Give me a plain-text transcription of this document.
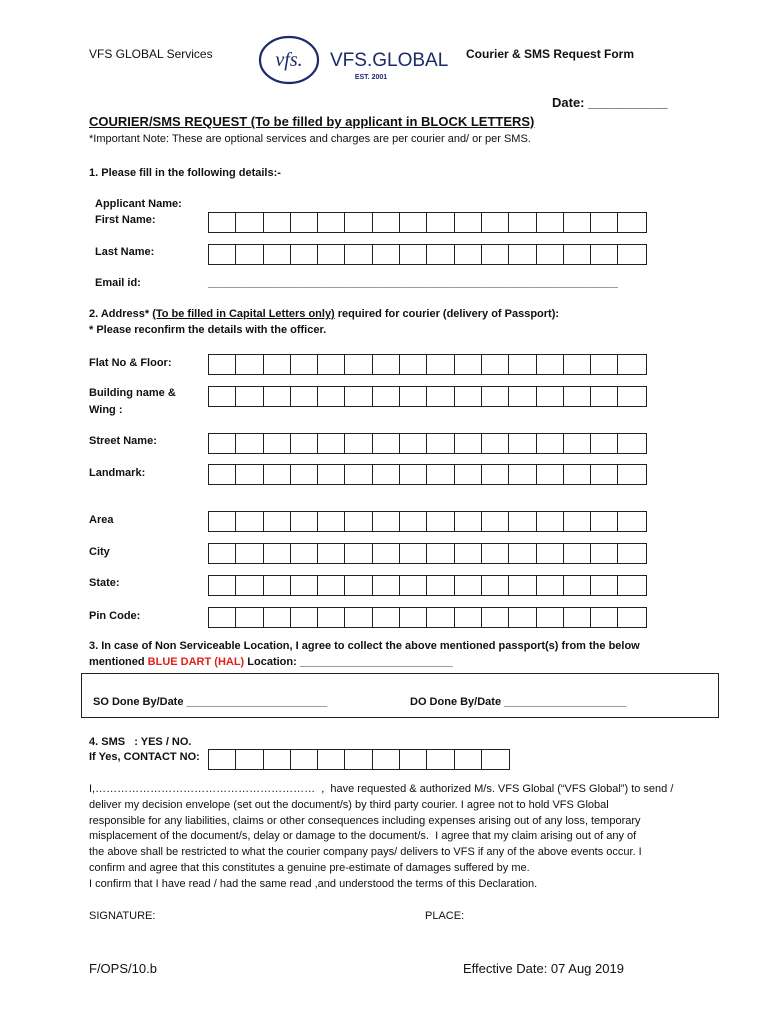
VFS GLOBAL Services	vfs. VFS.GLOBAL
EST. 2001
Courier & SMS Request Form
Date: ___________
COURIER/SMS REQUEST (To be filled by applicant in BLOCK LETTERS)
*Important Note: These are optional services and charges are per courier and/ or per SMS.
1. Please fill in the following details:-
Applicant Name:
First Name:
Last Name:
Email id:	___________________________________________________________________
2. Address* (To be filled in Capital Letters only) required for courier (delivery of Passport):
* Please reconfirm the details with the officer.
Flat No & Floor:
Building name &
Wing :
Street Name:
Landmark:
Area
City
State:
Pin Code:
3. In case of Non Serviceable Location, I agree to collect the above mentioned passport(s) from the below
mentioned BLUE DART (HAL) Location: _________________________
SO Done By/Date _______________________	DO Done By/Date ____________________
4. SMS   : YES / NO.
If Yes, CONTACT NO:
I,……………………………………………………  ,  have requested & authorized M/s. VFS Global (“VFS Global”) to send /
deliver my decision envelope (set out the document/s) by third party courier. I agree not to hold VFS Global
responsible for any liabilities, claims or other consequences including expenses arising out of any loss, temporary
misplacement of the document/s, delay or damage to the document/s.  I agree that my claim arising out of any of
the above shall be restricted to what the courier company pays/ delivers to VFS if any of the above events occur. I
confirm and agree that this constitutes a genuine pre-estimate of damages suffered by me.
I confirm that I have read / had the same read ,and understood the terms of this Declaration.
SIGNATURE:	PLACE:
F/OPS/10.b	Effective Date: 07 Aug 2019
